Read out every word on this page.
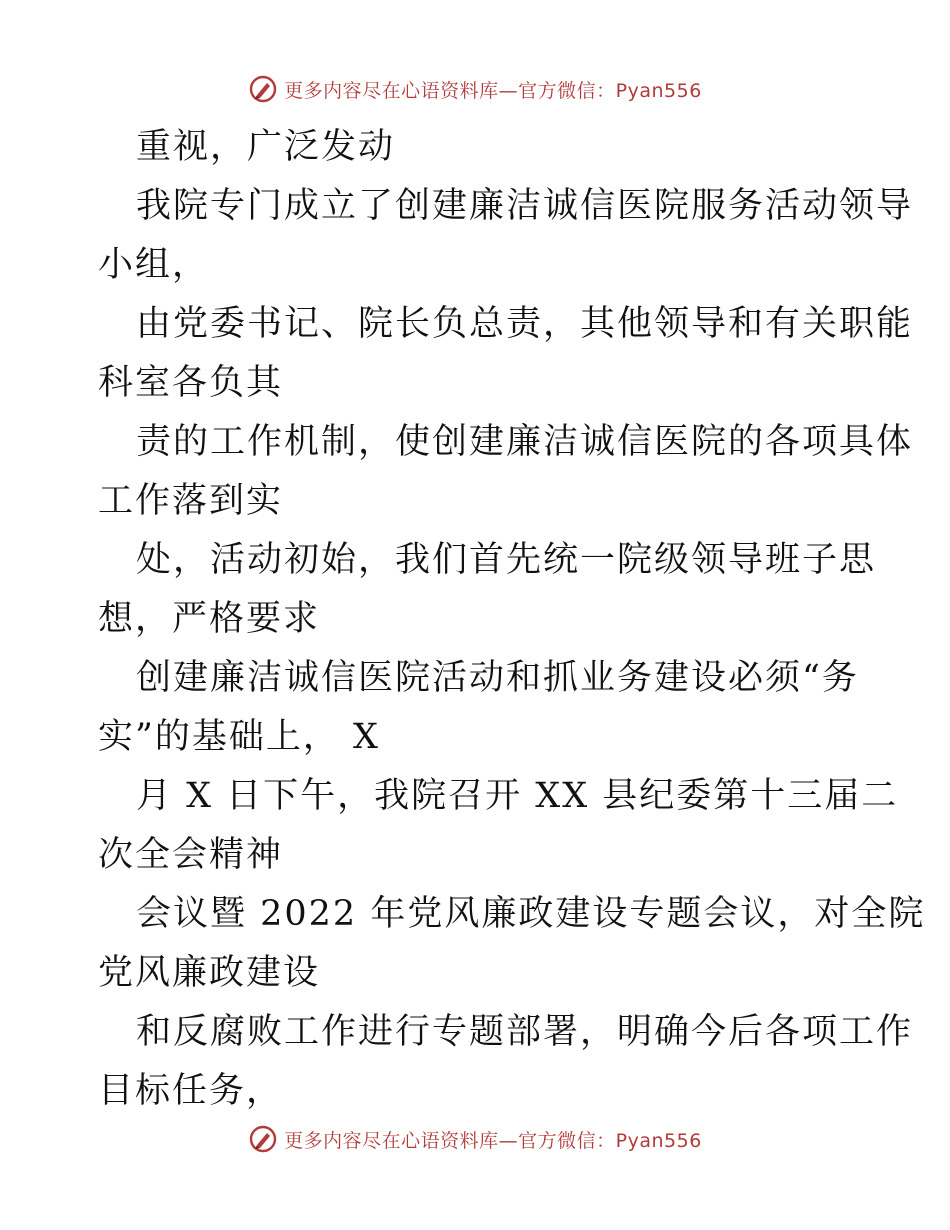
更多内容尽在心语资料库—官方微信：Pyan556
重视，广泛发动
我院专门成立了创建廉洁诚信医院服务活动领导
小组，
由党委书记、院长负总责，其他领导和有关职能
科室各负其
责的工作机制，使创建廉洁诚信医院的各项具体
工作落到实
处，活动初始，我们首先统一院级领导班子思
想，严格要求
创建廉洁诚信医院活动和抓业务建设必须“务
实”的基础上， X
月 X 日下午，我院召开 XX 县纪委第十三届二
次全会精神
会议暨 2022 年党风廉政建设专题会议，对全院
党风廉政建设
和反腐败工作进行专题部署，明确今后各项工作
目标任务，
更多内容尽在心语资料库—官方微信：Pyan556
